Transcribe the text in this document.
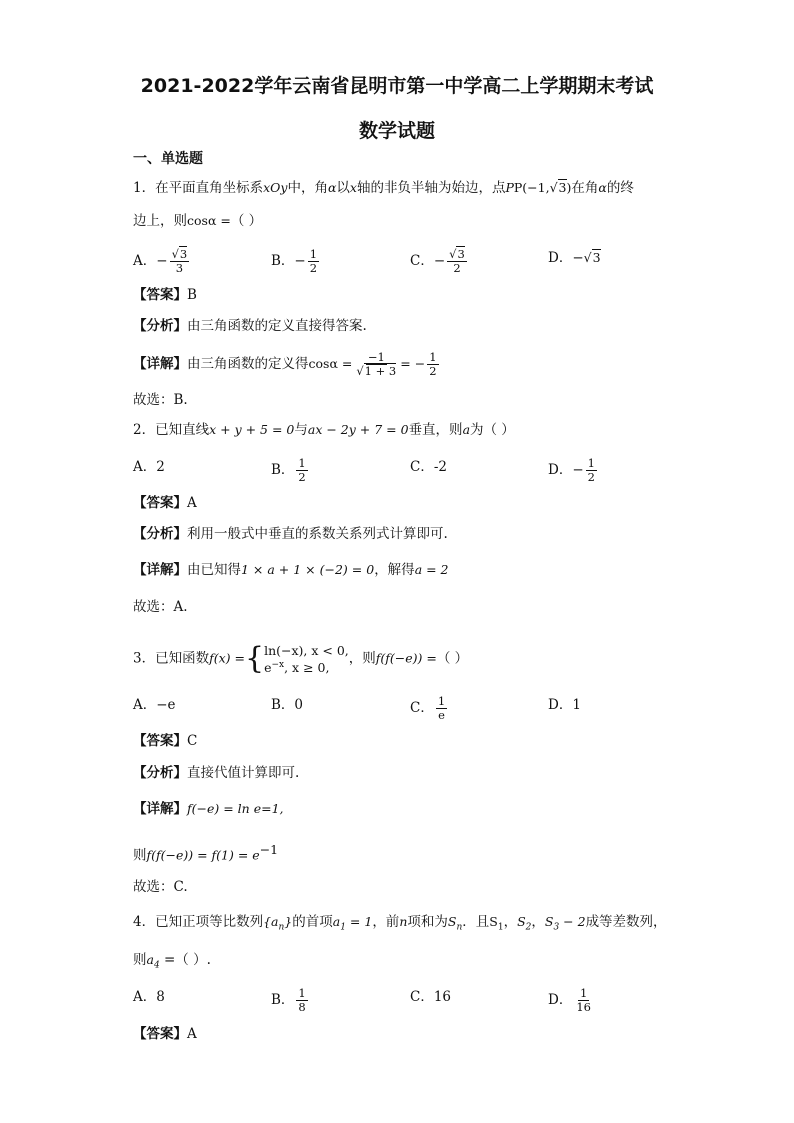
2021-2022学年云南省昆明市第一中学高二上学期期末考试
数学试题
一、单选题
1．在平面直角坐标系xOy中，角α以x轴的非负半轴为始边，点PP(−1,√3)在角α的终
边上，则cosα =（ ）
A．− $\frac{√3}{3}$	B．− $\frac{1}{2}$	C．− $\frac{√3}{2}$	D．−√3
【答案】B
【分析】由三角函数的定义直接得答案.
【详解】由三角函数的定义得$\cos\alpha = \frac{-1}{√1 + 3}$ = − $\frac{1}{2}$
故选：B.
2．已知直线x + y + 5 = 0与ax − 2y + 7 = 0垂直，则a为（ ）
A．2	B． $\frac{1}{2}$	C．-2	D．− $\frac{1}{2}$
【答案】A
【分析】利用一般式中垂直的系数关系列式计算即可.
【详解】由已知得1 × a + 1 × (−2) = 0，解得a = 2
故选：A.
3．已知函数f(x) = { ln(−x), x < 0,
$e^{-x}$, x ≥ 0,
，则f(f(−e)) =（ ）
A．−e	B．0	C． $\frac{1}{e}$	D．1
【答案】C
【分析】直接代值计算即可.
【详解】f(−e) = ln e=1,
则$f(f(-e)) = f(1) = e^{-1}$
故选：C.
4．已知正项等比数列$\{a_n\}$的首项$a_1 = 1$，前n项和为$S_n$．且$S_1$，$S_2$，$S_3 - 2$成等差数列，
则$a_4$ =（ ）.
A．8	B． $\frac{1}{8}$	C．16	D． $\frac{1}{16}$
【答案】A
